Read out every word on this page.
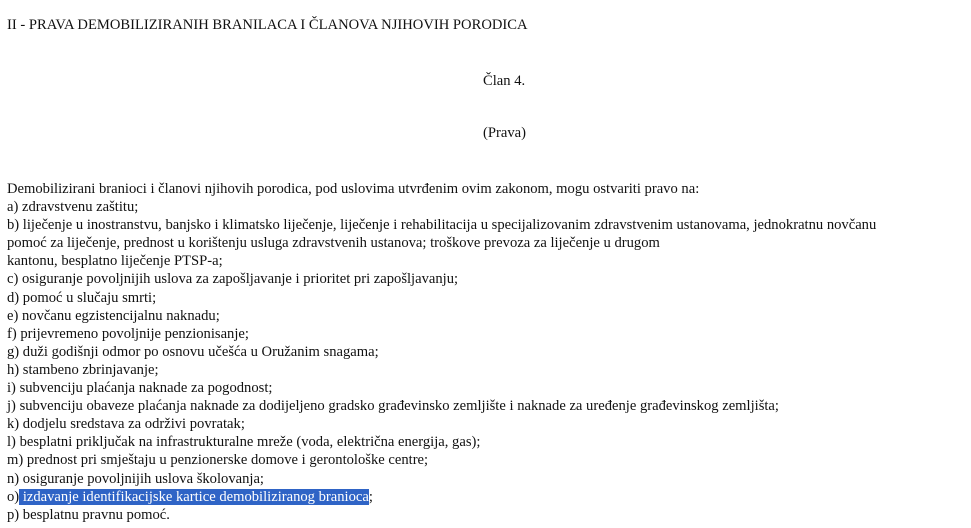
II - PRAVA DEMOBILIZIRANIH BRANILACA I ČLANOVA NJIHOVIH PORODICA
Član 4.
(Prava)
Demobilizirani branioci i članovi njihovih porodica, pod uslovima utvrđenim ovim zakonom, mogu ostvariti pravo na:
a) zdravstvenu zaštitu;
b) liječenje u inostranstvu, banjsko i klimatsko liječenje, liječenje i rehabilitacija u specijalizovanim zdravstvenim ustanovama, jednokratnu novčanu
pomoć za liječenje, prednost u korištenju usluga zdravstvenih ustanova; troškove prevoza za liječenje u drugom
kantonu, besplatno liječenje PTSP-a;
c) osiguranje povoljnijih uslova za zapošljavanje i prioritet pri zapošljavanju;
d) pomoć u slučaju smrti;
e) novčanu egzistencijalnu naknadu;
f) prijevremeno povoljnije penzionisanje;
g) duži godišnji odmor po osnovu učešća u Oružanim snagama;
h) stambeno zbrinjavanje;
i) subvenciju plaćanja naknade za pogodnost;
j) subvenciju obaveze plaćanja naknade za dodijeljeno gradsko građevinsko zemljište i naknade za uređenje građevinskog zemljišta;
k) dodjelu sredstava za održivi povratak;
l) besplatni priključak na infrastrukturalne mreže (voda, električna energija, gas);
m) prednost pri smještaju u penzionerske domove i gerontološke centre;
n) osiguranje povoljnijih uslova školovanja;
o) izdavanje identifikacijske kartice demobiliziranog branioca;
p) besplatnu pravnu pomoć.
